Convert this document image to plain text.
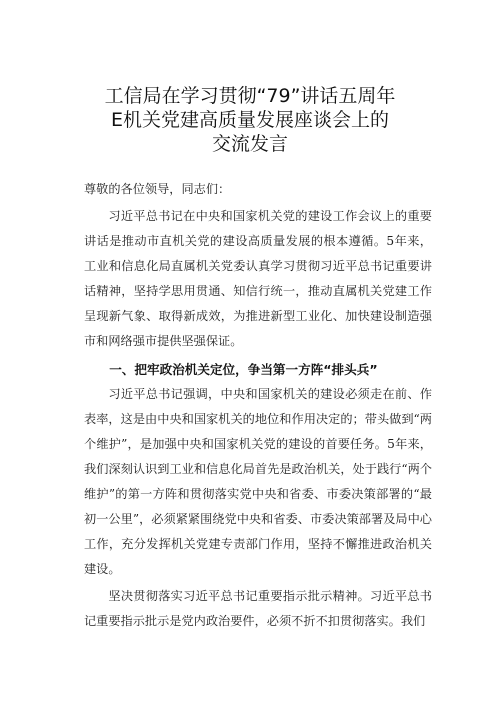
工信局在学习贯彻“79”讲话五周年
E机关党建高质量发展座谈会上的
交流发言
尊敬的各位领导，同志们：

习近平总书记在中央和国家机关党的建设工作会议上的重要讲话是推动市直机关党的建设高质量发展的根本遵循。5年来，工业和信息化局直属机关党委认真学习贯彻习近平总书记重要讲话精神，坚持学思用贯通、知信行统一，推动直属机关党建工作呈现新气象、取得新成效，为推进新型工业化、加快建设制造强市和网络强市提供坚强保证。

一、把牢政治机关定位，争当第一方阵“排头兵”

习近平总书记强调，中央和国家机关的建设必须走在前、作表率，这是由中央和国家机关的地位和作用决定的；带头做到“两个维护”，是加强中央和国家机关党的建设的首要任务。5年来，我们深刻认识到工业和信息化局首先是政治机关，处于践行“两个维护”的第一方阵和贯彻落实党中央和省委、市委决策部署的“最初一公里”，必须紧紧围绕党中央和省委、市委决策部署及局中心工作，充分发挥机关党建专责部门作用，坚持不懈推进政治机关建设。

坚决贯彻落实习近平总书记重要指示批示精神。习近平总书记重要指示批示是党内政治要件，必须不折不扣贯彻落实。我们
